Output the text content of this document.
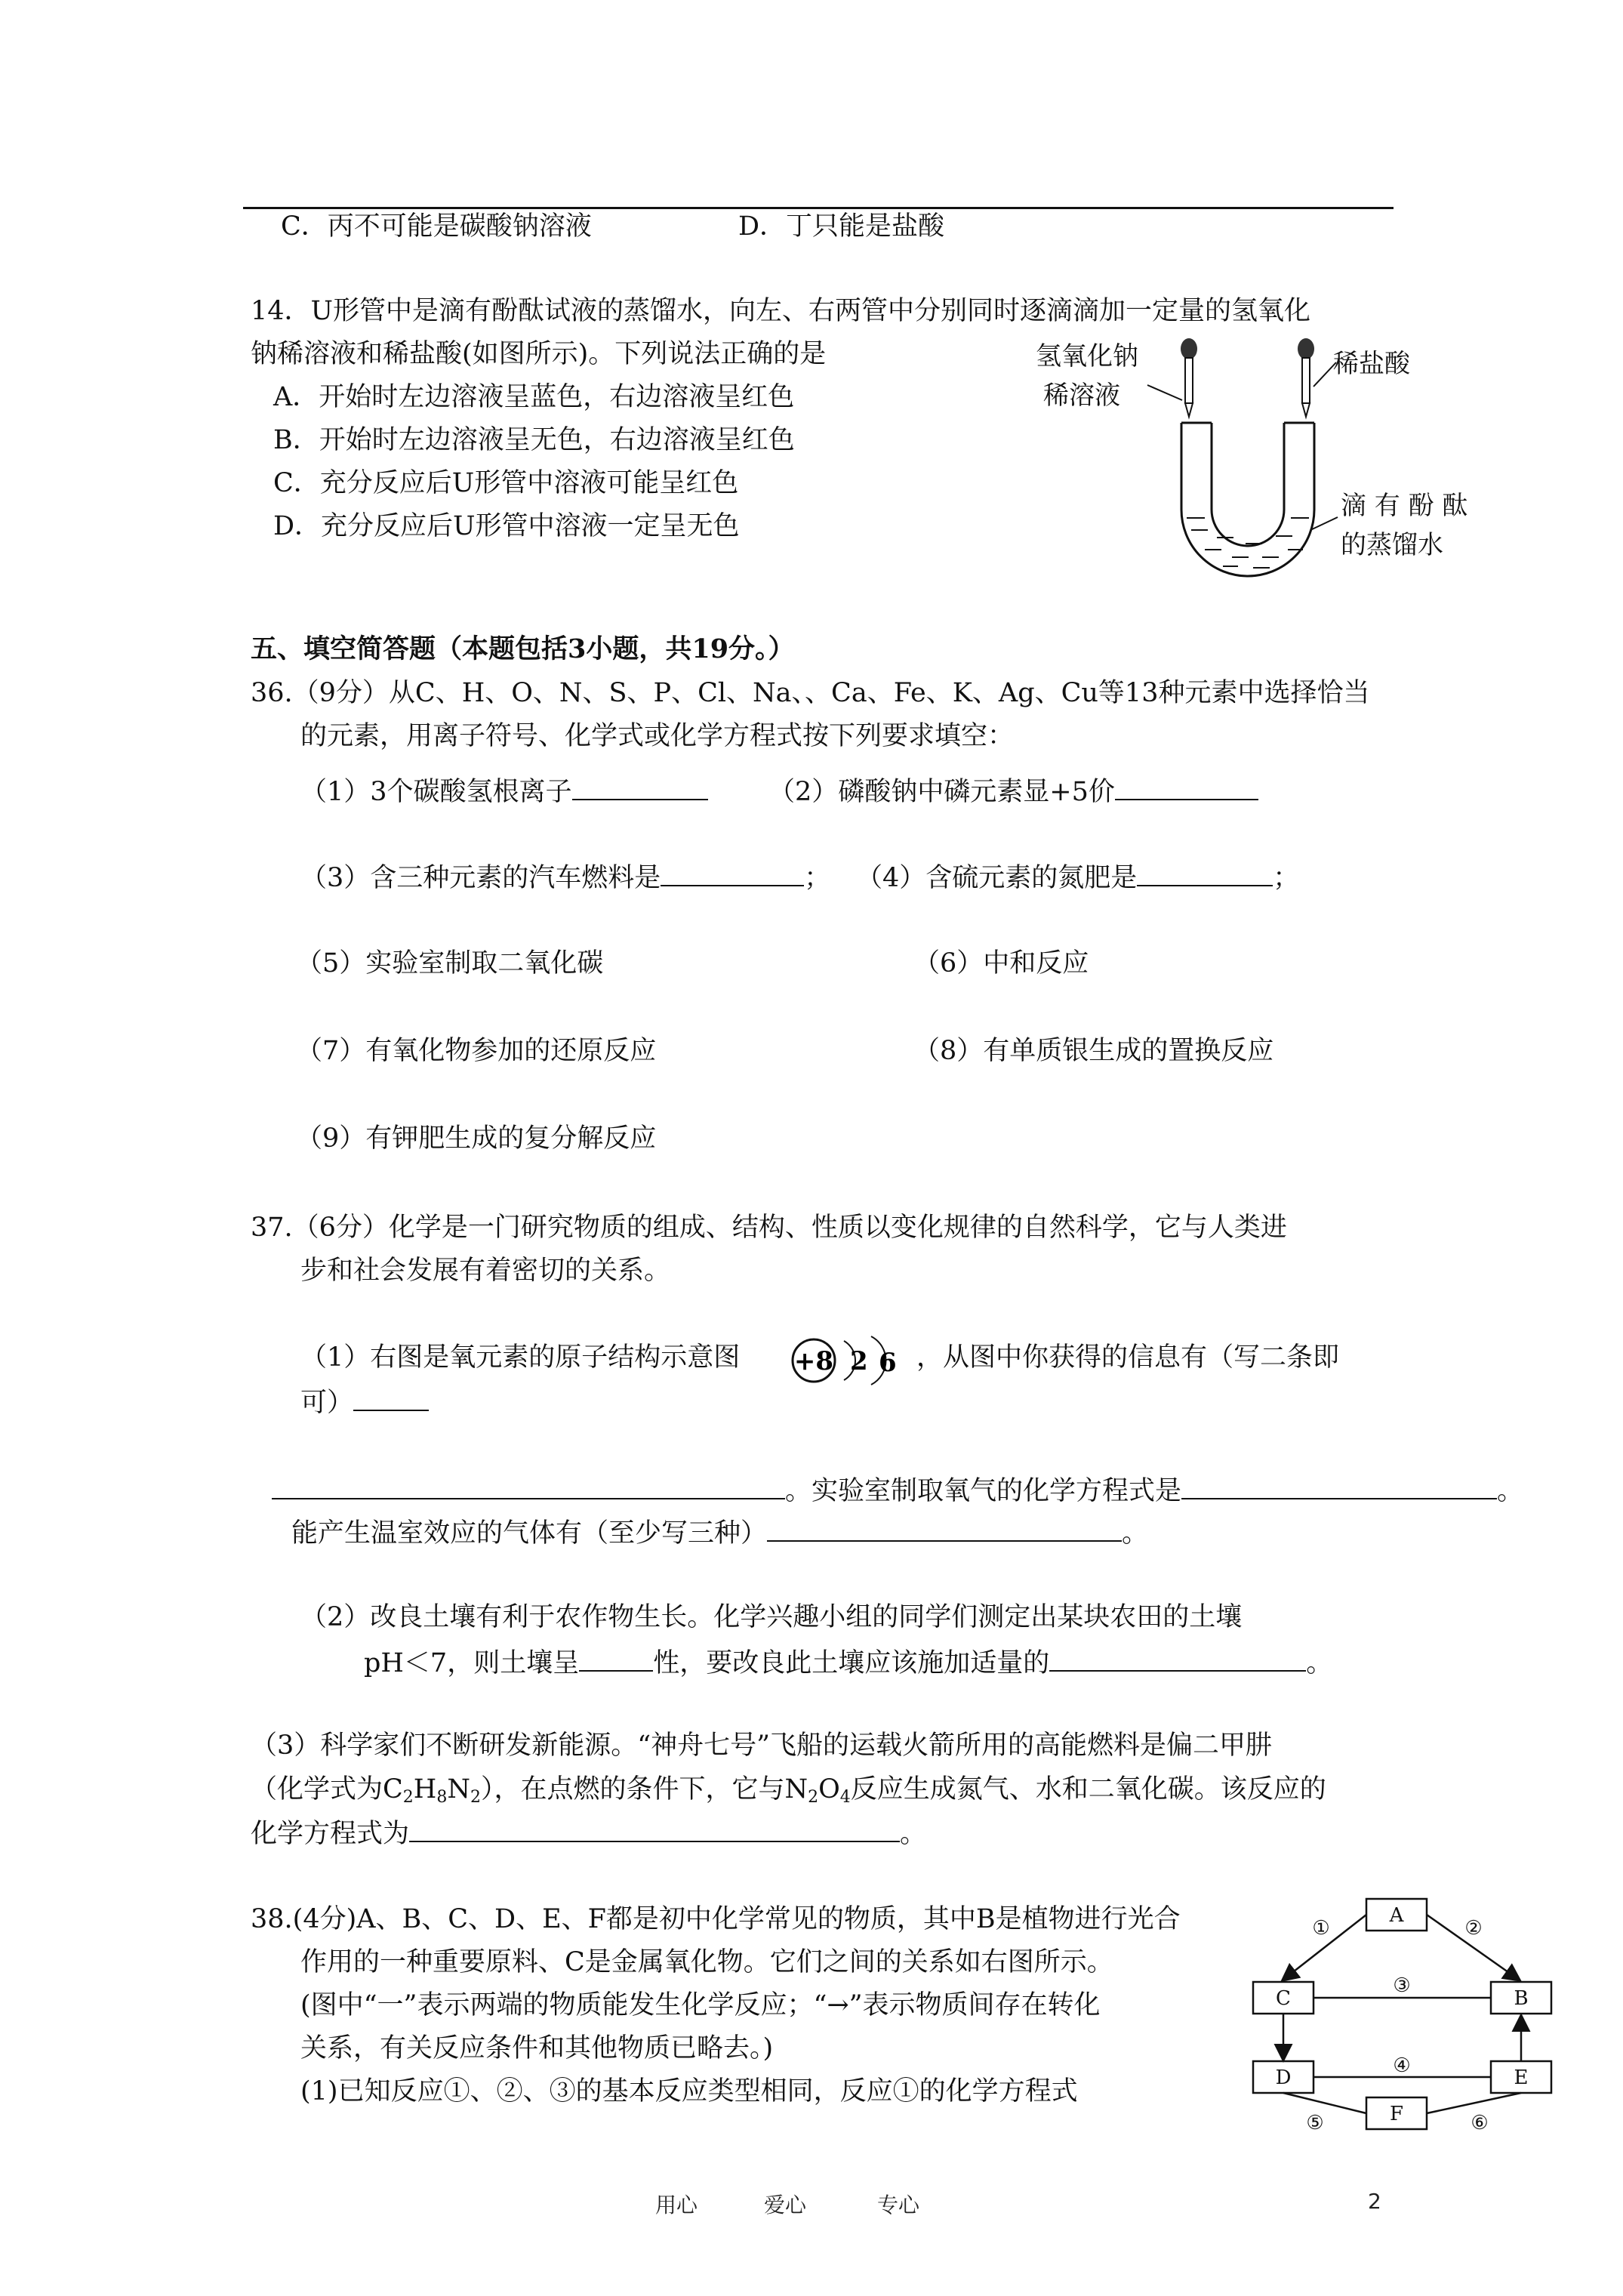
C．丙不可能是碳酸钠溶液	D．丁只能是盐酸
14．U形管中是滴有酚酞试液的蒸馏水，向左、右两管中分别同时逐滴滴加一定量的氢氧化
钠稀溶液和稀盐酸(如图所示)。下列说法正确的是
A．开始时左边溶液呈蓝色，右边溶液呈红色
B．开始时左边溶液呈无色，右边溶液呈红色
C．充分反应后U形管中溶液可能呈红色
D．充分反应后U形管中溶液一定呈无色
氢氧化钠
稀溶液
稀盐酸
滴 有 酚 酞
的蒸馏水
五、填空简答题（本题包括3小题，共19分。）
36.（9分）从C、H、O、N、S、P、Cl、Na、、Ca、Fe、K、Ag、Cu等13种元素中选择恰当
的元素，用离子符号、化学式或化学方程式按下列要求填空：
（1）3个碳酸氢根离子	（2）磷酸钠中磷元素显+5价
（3）含三种元素的汽车燃料是	； （4）含硫元素的氮肥是	；
（5）实验室制取二氧化碳	（6）中和反应
（7）有氧化物参加的还原反应	（8）有单质银生成的置换反应
（9）有钾肥生成的复分解反应
37.（6分）化学是一门研究物质的组成、结构、性质以变化规律的自然科学，它与人类进
步和社会发展有着密切的关系。
（1）右图是氧元素的原子结构示意图 +8 2 6 ，从图中你获得的信息有（写二条即
可）
。实验室制取氧气的化学方程式是	。
能产生温室效应的气体有（至少写三种）	。
（2）改良土壤有利于农作物生长。化学兴趣小组的同学们测定出某块农田的土壤
pH＜7，则土壤呈	性，要改良此土壤应该施加适量的	。
（3）科学家们不断研发新能源。“神舟七号”飞船的运载火箭所用的高能燃料是偏二甲肼
（化学式为$C_2H_8N_2$），在点燃的条件下，它与$N_2O_4$反应生成氮气、水和二氧化碳。该反应的
化学方程式为	。
38.(4分)A、B、C、D、E、F都是初中化学常见的物质，其中B是植物进行光合
作用的一种重要原料、C是金属氧化物。它们之间的关系如右图所示。
(图中“一”表示两端的物质能发生化学反应；“→”表示物质间存在转化
关系，有关反应条件和其他物质已略去。)
(1)已知反应①、②、③的基本反应类型相同，反应①的化学方程式
A
C	B
D	E
F
①	②
③
④
⑤	⑥
用心	爱心	专心	2
